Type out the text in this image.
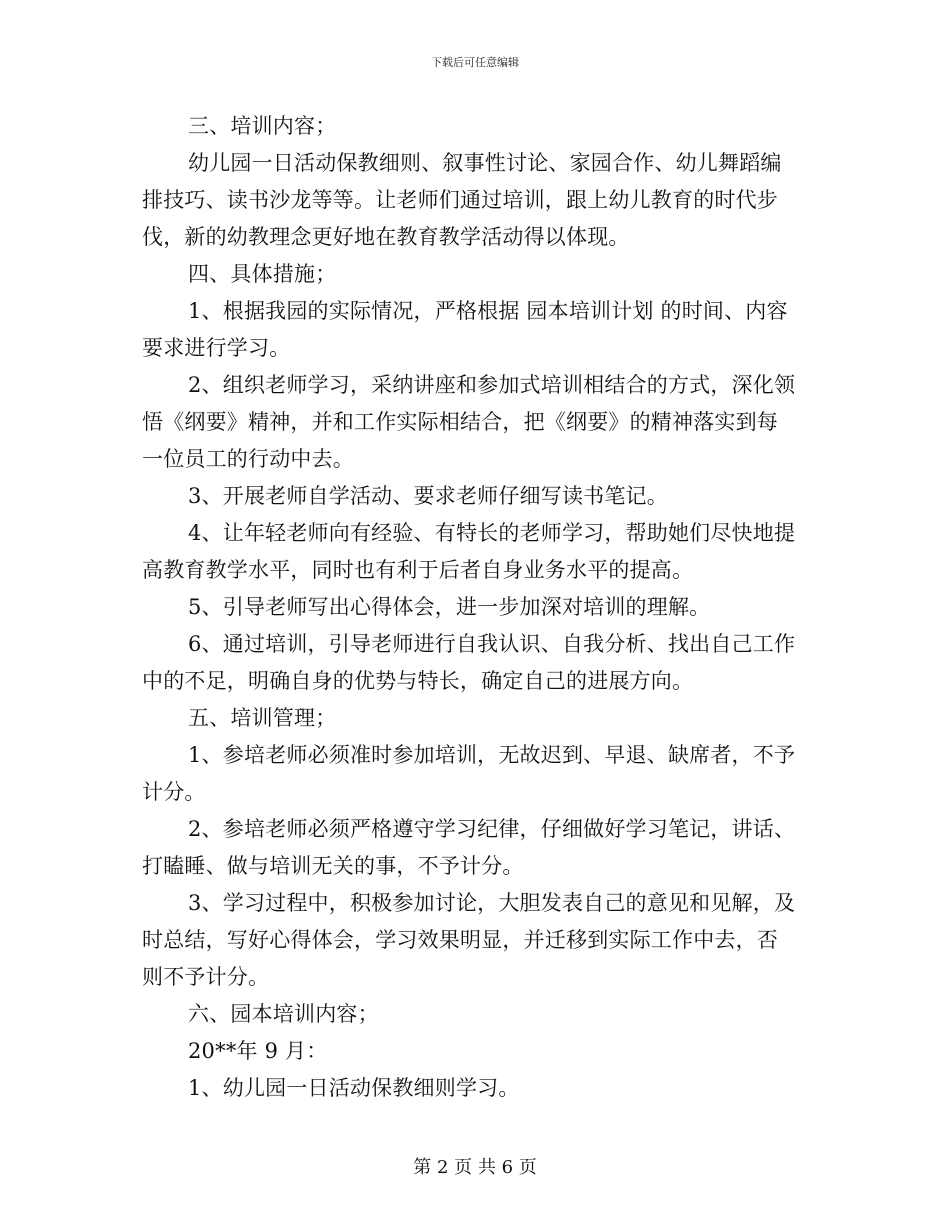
下载后可任意编辑
三、培训内容；
幼儿园一日活动保教细则、叙事性讨论、家园合作、幼儿舞蹈编
排技巧、读书沙龙等等。让老师们通过培训，跟上幼儿教育的时代步
伐，新的幼教理念更好地在教育教学活动得以体现。
四、具体措施；
1、根据我园的实际情况，严格根据 园本培训计划 的时间、内容
要求进行学习。
2、组织老师学习，采纳讲座和参加式培训相结合的方式，深化领
悟《纲要》精神，并和工作实际相结合，把《纲要》的精神落实到每
一位员工的行动中去。
3、开展老师自学活动、要求老师仔细写读书笔记。
4、让年轻老师向有经验、有特长的老师学习，帮助她们尽快地提
高教育教学水平，同时也有利于后者自身业务水平的提高。
5、引导老师写出心得体会，进一步加深对培训的理解。
6、通过培训，引导老师进行自我认识、自我分析、找出自己工作
中的不足，明确自身的优势与特长，确定自己的进展方向。
五、培训管理；
1、参培老师必须准时参加培训，无故迟到、早退、缺席者，不予
计分。
2、参培老师必须严格遵守学习纪律，仔细做好学习笔记，讲话、
打瞌睡、做与培训无关的事，不予计分。
3、学习过程中，积极参加讨论，大胆发表自己的意见和见解，及
时总结，写好心得体会，学习效果明显，并迁移到实际工作中去，否
则不予计分。
六、园本培训内容；
20**年 9 月：
1、幼儿园一日活动保教细则学习。
第 2 页 共 6 页
